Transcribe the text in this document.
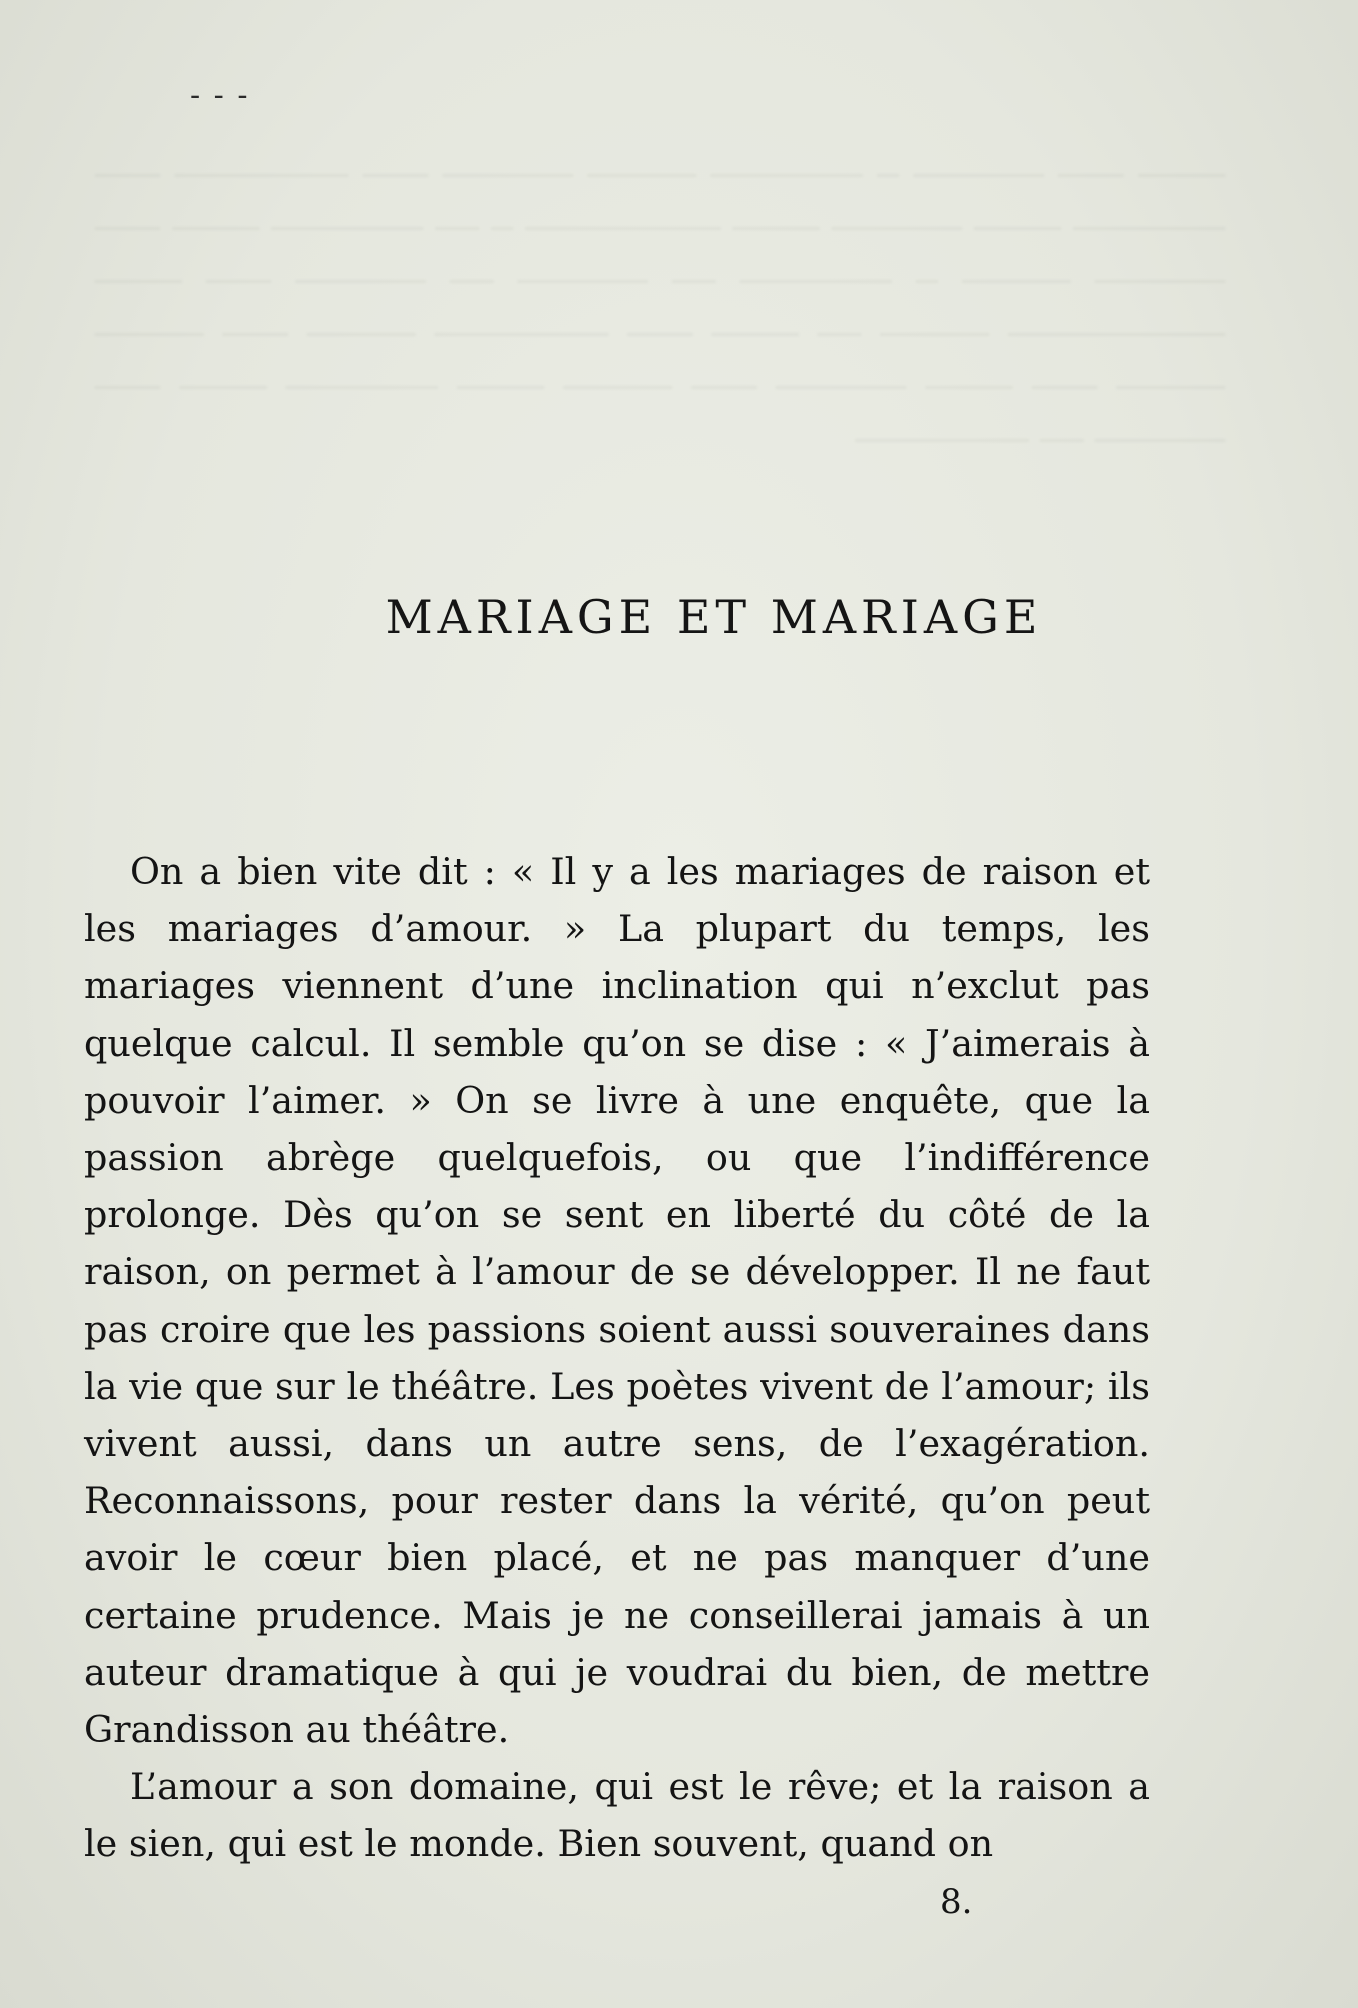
──── ─── ────── ─ ─────── ───── ────── ─── ──────── ─── ─────── ──── ────── ──── ───────── ─ ── ─────── ──── ─── ────── ───── ─ ─────── ── ────── ── ────── ─── ──── ────────── ───── ── ──── ─── ──────── ───── ─── ───── ───── ─── ──── ────── ─── ───── ──── ─────── ──── ─── ────── ── ────────
- - -
MARIAGE ET MARIAGE

On a bien vite dit : « Il y a les mariages de raison et les mariages d’amour. » La plupart du temps, les mariages viennent d’une inclination qui n’exclut pas quelque calcul. Il semble qu’on se dise : « J’aimerais à pouvoir l’aimer. » On se livre à une enquête, que la passion abrège quelquefois, ou que l’indifférence prolonge. Dès qu’on se sent en liberté du côté de la raison, on permet à l’amour de se développer. Il ne faut pas croire que les passions soient aussi souveraines dans la vie que sur le théâtre. Les poètes vivent de l’amour; ils vivent aussi, dans un autre sens, de l’exagération. Reconnaissons, pour rester dans la vérité, qu’on peut avoir le cœur bien placé, et ne pas manquer d’une certaine prudence. Mais je ne conseillerai jamais à un auteur dramatique à qui je voudrai du bien, de mettre Grandisson au théâtre.

L’amour a son domaine, qui est le rêve; et la raison a le sien, qui est le monde. Bien souvent, quand on

8.
